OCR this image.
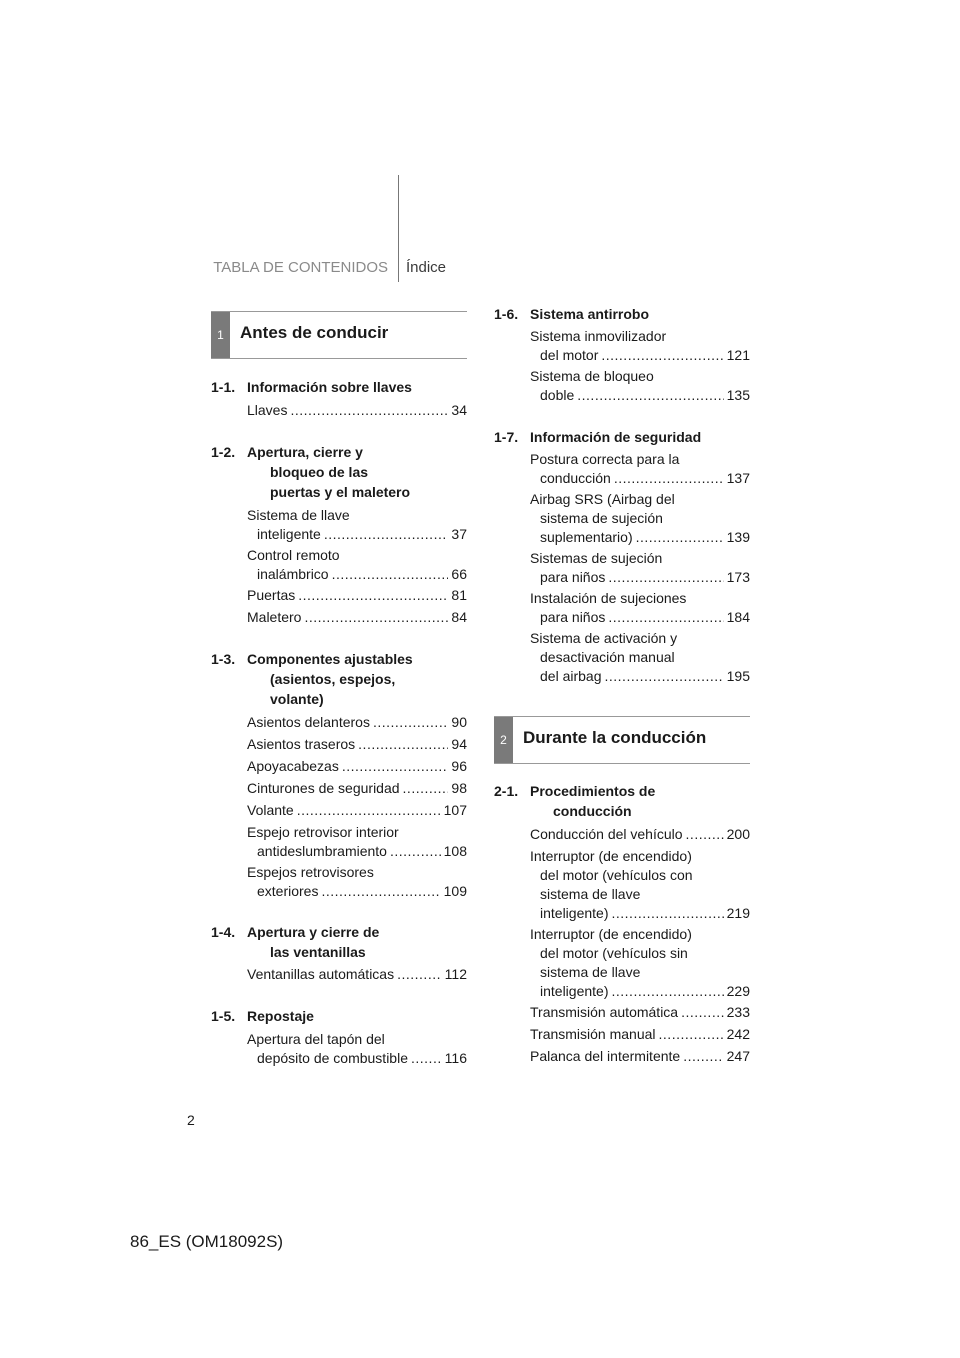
TABLA DE CONTENIDOS Índice
1 Antes de conducir
1-1. Información sobre llaves
Llaves .....	34
1-2. Apertura, cierre y
bloqueo de las
puertas y el maletero
Sistema de llave
inteligente .....	37
Control remoto
inalámbrico .....	66
Puertas .....	81
Maletero .....	84
1-3. Componentes ajustables
(asientos, espejos,
volante)
Asientos delanteros .....	90
Asientos traseros .....	94
Apoyacabezas .....	96
Cinturones de seguridad .....	98
Volante .....	107
Espejo retrovisor interior
antideslumbramiento .....	108
Espejos retrovisores
exteriores .....	109
1-4. Apertura y cierre de
las ventanillas
Ventanillas automáticas .....	112
1-5. Repostaje
Apertura del tapón del
depósito de combustible .....	116
1-6. Sistema antirrobo
Sistema inmovilizador
del motor .....	121
Sistema de bloqueo
doble .....	135
1-7. Información de seguridad
Postura correcta para la
conducción .....	137
Airbag SRS (Airbag del
sistema de sujeción
suplementario) .....	139
Sistemas de sujeción
para niños .....	173
Instalación de sujeciones
para niños .....	184
Sistema de activación y
desactivación manual
del airbag .....	195
2 Durante la conducción
2-1. Procedimientos de
conducción
Conducción del vehículo .....	200
Interruptor (de encendido)
del motor (vehículos con
sistema de llave
inteligente) .....	219
Interruptor (de encendido)
del motor (vehículos sin
sistema de llave
inteligente) .....	229
Transmisión automática .....	233
Transmisión manual .....	242
Palanca del intermitente .....	247
2
86_ES (OM18092S)
